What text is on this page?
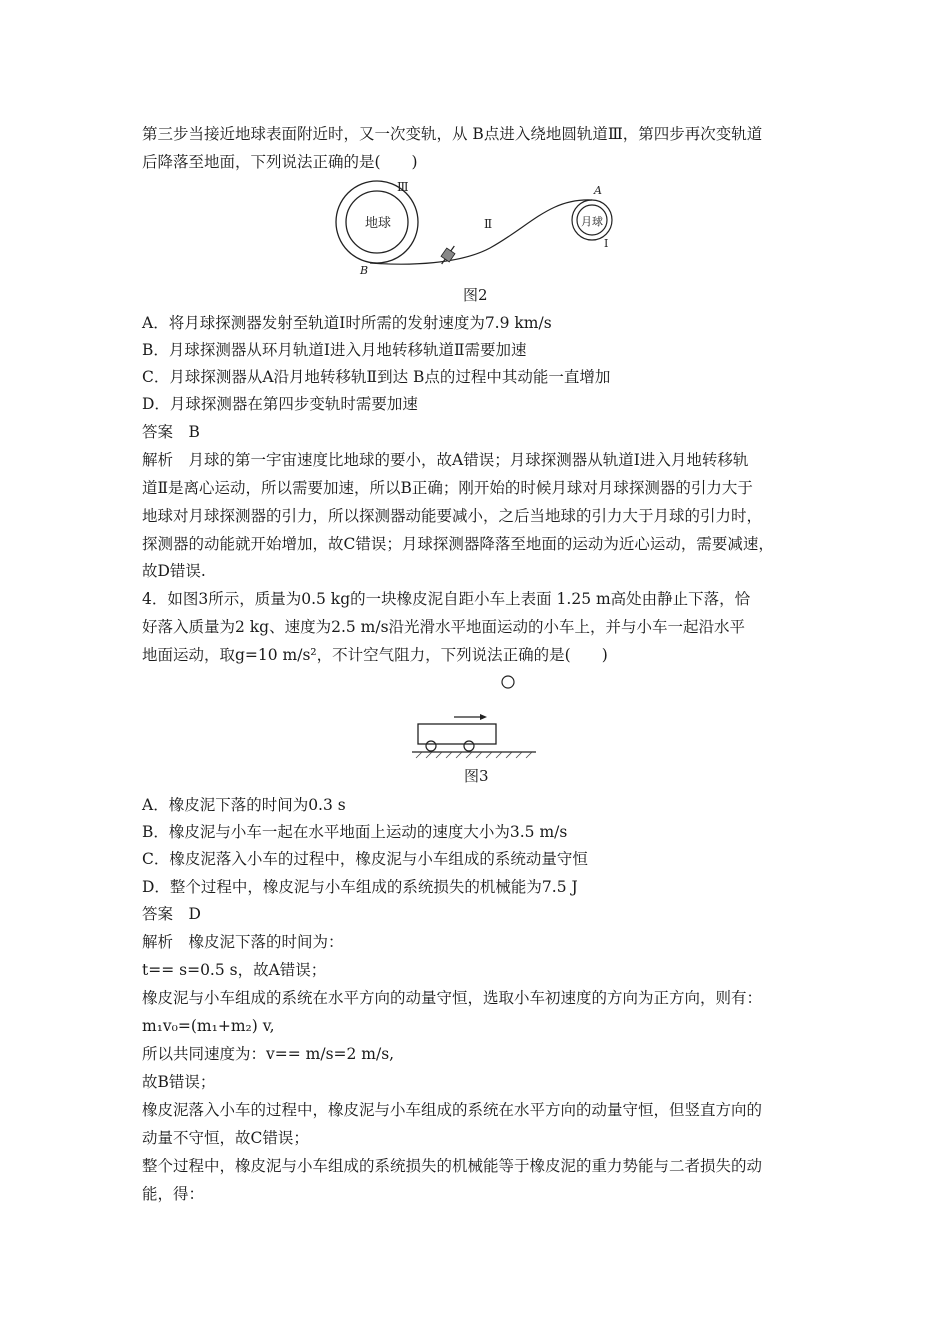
第三步当接近地球表面附近时，又一次变轨，从 B点进入绕地圆轨道Ⅲ，第四步再次变轨道
后降落至地面，下列说法正确的是(　　)
地球
Ⅲ
Ⅱ	月球
A
B
Ⅰ
图2
A．将月球探测器发射至轨道Ⅰ时所需的发射速度为7.9 km/s
B．月球探测器从环月轨道Ⅰ进入月地转移轨道Ⅱ需要加速
C．月球探测器从A沿月地转移轨Ⅱ到达 B点的过程中其动能一直增加
D．月球探测器在第四步变轨时需要加速
答案　B
解析　月球的第一宇宙速度比地球的要小，故A错误；月球探测器从轨道Ⅰ进入月地转移轨
道Ⅱ是离心运动，所以需要加速，所以B正确；刚开始的时候月球对月球探测器的引力大于
地球对月球探测器的引力，所以探测器动能要减小，之后当地球的引力大于月球的引力时，
探测器的动能就开始增加，故C错误；月球探测器降落至地面的运动为近心运动，需要减速，
故D错误.
4．如图3所示，质量为0.5 kg的一块橡皮泥自距小车上表面 1.25 m高处由静止下落，恰
好落入质量为2 kg、速度为2.5 m/s沿光滑水平地面运动的小车上，并与小车一起沿水平
地面运动，取g=10 m/s²，不计空气阻力，下列说法正确的是(　　)
图3
A．橡皮泥下落的时间为0.3 s
B．橡皮泥与小车一起在水平地面上运动的速度大小为3.5 m/s
C．橡皮泥落入小车的过程中，橡皮泥与小车组成的系统动量守恒
D．整个过程中，橡皮泥与小车组成的系统损失的机械能为7.5 J
答案　D
解析　橡皮泥下落的时间为：
t== s=0.5 s，故A错误；
橡皮泥与小车组成的系统在水平方向的动量守恒，选取小车初速度的方向为正方向，则有：
m₁v₀=(m₁+m₂) v,
所以共同速度为：v== m/s=2 m/s,
故B错误；
橡皮泥落入小车的过程中，橡皮泥与小车组成的系统在水平方向的动量守恒，但竖直方向的
动量不守恒，故C错误；
整个过程中，橡皮泥与小车组成的系统损失的机械能等于橡皮泥的重力势能与二者损失的动
能，得：
